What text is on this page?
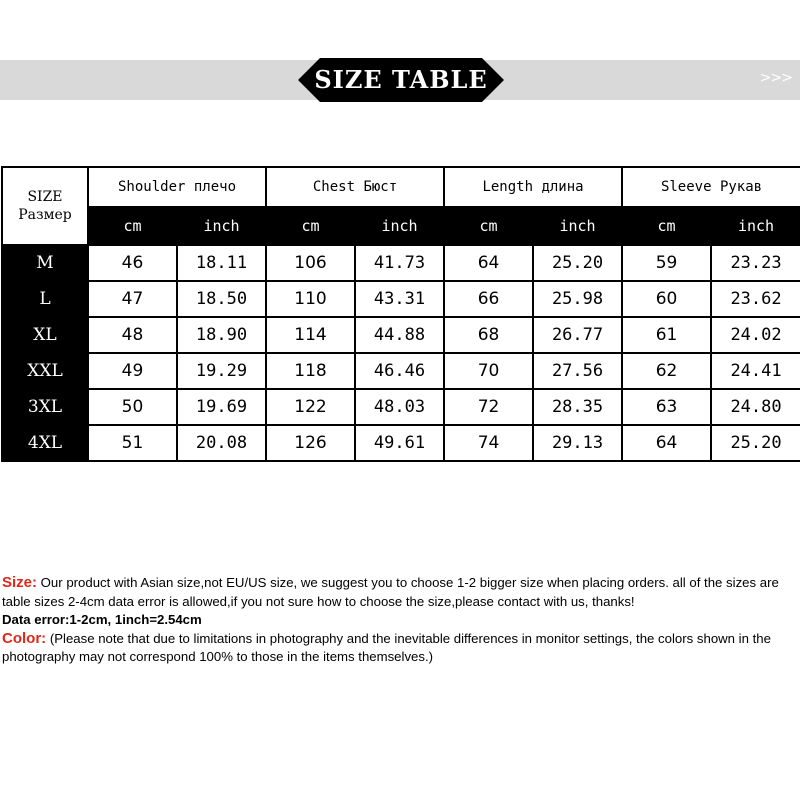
>>>
SIZE TABLE
SIZE
Размер	Shoulder плечо		Chest Бюст		Length длина		Sleeve Рукав	
	cm	inch	cm	inch	cm	inch	cm	inch
M	46	18.11	106	41.73	64	25.20	59	23.23
L	47	18.50	110	43.31	66	25.98	60	23.62
XL	48	18.90	114	44.88	68	26.77	61	24.02
XXL	49	19.29	118	46.46	70	27.56	62	24.41
3XL	50	19.69	122	48.03	72	28.35	63	24.80
4XL	51	20.08	126	49.61	74	29.13	64	25.20

Size: Our product with Asian size,not EU/US size, we suggest you to choose 1-2 bigger size when placing orders. all of the sizes are table sizes 2-4cm data error is allowed,if you not sure how to choose the size,please contact with us, thanks!

Data error:1-2cm, 1inch=2.54cm

Color: (Please note that due to limitations in photography and the inevitable differences in monitor settings, the colors shown in the photography may not correspond 100% to those in the items themselves.)
